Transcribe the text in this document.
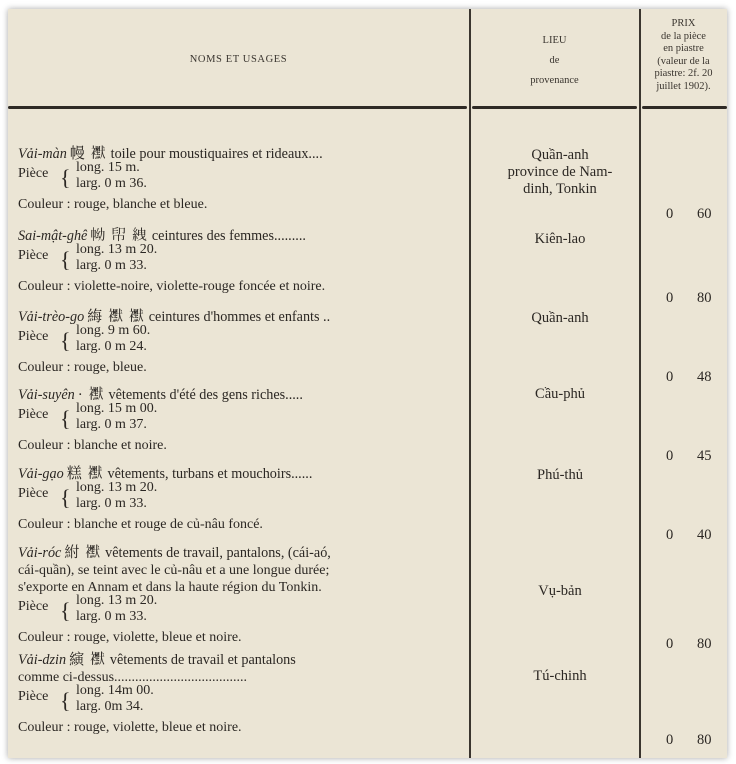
NOMS ET USAGES
LIEU
de
provenance
PRIX
de la pièce
en piastre
(valeur de la
piastre: 2f. 20
juillet 1902).
Vải-màn 幔 𧞾 toile pour moustiquaires et rideaux....
Pièce { long. 15 m.
larg. 0 m 36.
Couleur : rouge, blanche et bleue.
Quần-anh
province de Nam-
dinh, Tonkin
0 60
Sai-mật-ghê 𢂊 𢂗 絏 ceintures des femmes.........
Pièce { long. 13 m 20.
larg. 0 m 33.
Couleur : violette-noire, violette-rouge foncée et noire.
Kiên-lao
0 80
Vải-trèo-go 䋦 𧞾 𧞾 ceintures d'hommes et enfants ..
Pièce { long. 9 m 60.
larg. 0 m 24.
Couleur : rouge, bleue.
Quần-anh
0 48
Vải-suyên · 𧞾 vêtements d'été des gens riches.....
Pièce { long. 15 m 00.
larg. 0 m 37.
Couleur : blanche et noire.
Cầu-phủ
0 45
Vải-gạo 糕 𧞾 vêtements, turbans et mouchoirs......
Pièce { long. 13 m 20.
larg. 0 m 33.
Couleur : blanche et rouge de củ-nâu foncé.
Phú-thủ
0 40
Vải-róc 紨 𧞾 vêtements de travail, pantalons, (cái-aó,
cái-quần), se teint avec le củ-nâu et a une longue durée;
s'exporte en Annam et dans la haute région du Tonkin.
Pièce { long. 13 m 20.
larg. 0 m 33.
Couleur : rouge, violette, bleue et noire.
Vụ-bản
0 80
Vải-dzin 縯 𧞾 vêtements de travail et pantalons
comme ci-dessus......................................
Pièce { long. 14m 00.
larg. 0m 34.
Couleur : rouge, violette, bleue et noire.
Tú-chinh
0 80
